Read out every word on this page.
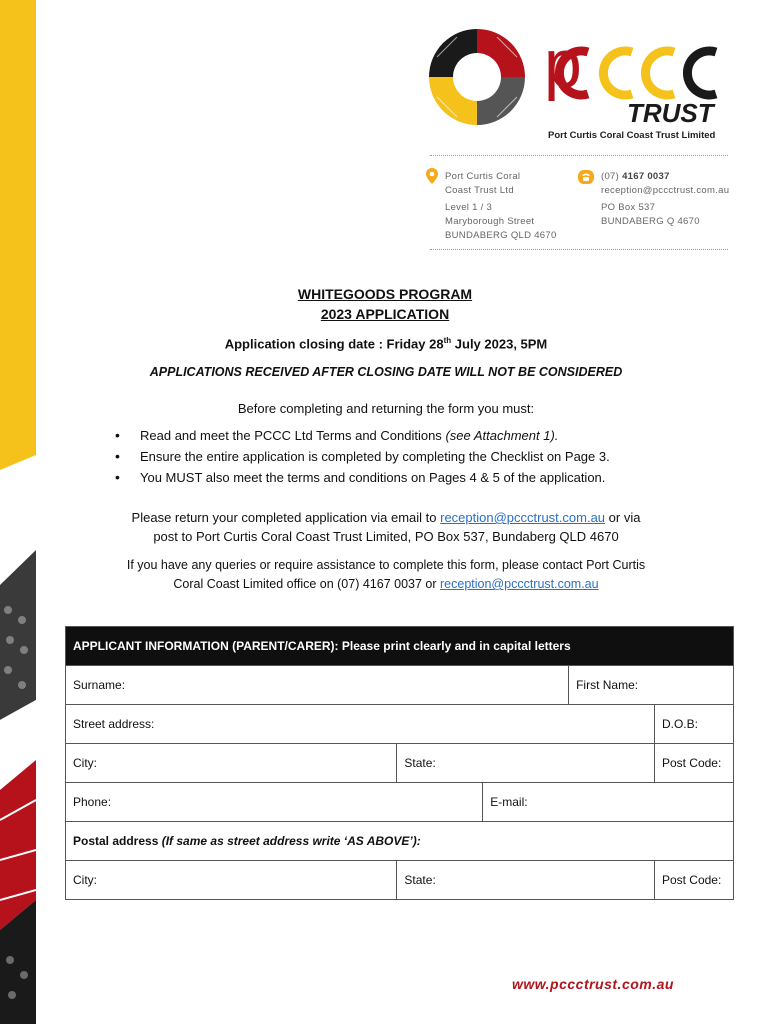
p
TRUST
Port Curtis Coral Coast Trust Limited
Port Curtis Coral
Coast Trust Ltd
Level 1 / 3
Maryborough Street
BUNDABERG QLD 4670
(07) 4167 0037
reception@pccctrust.com.au
PO Box 537
BUNDABERG Q 4670
WHITEGOODS PROGRAM
2023 APPLICATION
Application closing date : Friday 28th July 2023, 5PM
APPLICATIONS RECEIVED AFTER CLOSING DATE WILL NOT BE CONSIDERED
Before completing and returning the form you must:
• Read and meet the PCCC Ltd Terms and Conditions (see Attachment 1).
• Ensure the entire application is completed by completing the Checklist on Page 3.
• You MUST also meet the terms and conditions on Pages 4 & 5 of the application.
Please return your completed application via email to reception@pccctrust.com.au or via
post to Port Curtis Coral Coast Trust Limited, PO Box 537, Bundaberg QLD 4670
If you have any queries or require assistance to complete this form, please contact Port Curtis
Coral Coast Limited office on (07) 4167 0037 or reception@pccctrust.com.au
APPLICANT INFORMATION (PARENT/CARER): Please print clearly and in capital letters				
Surname:			First Name:	
Street address:				D.O.B:
City:	State:			Post Code:
Phone:		E-mail:		
Postal address (If same as street address write ‘AS ABOVE’):				
City:	State:			Post Code:
www.pccctrust.com.au
